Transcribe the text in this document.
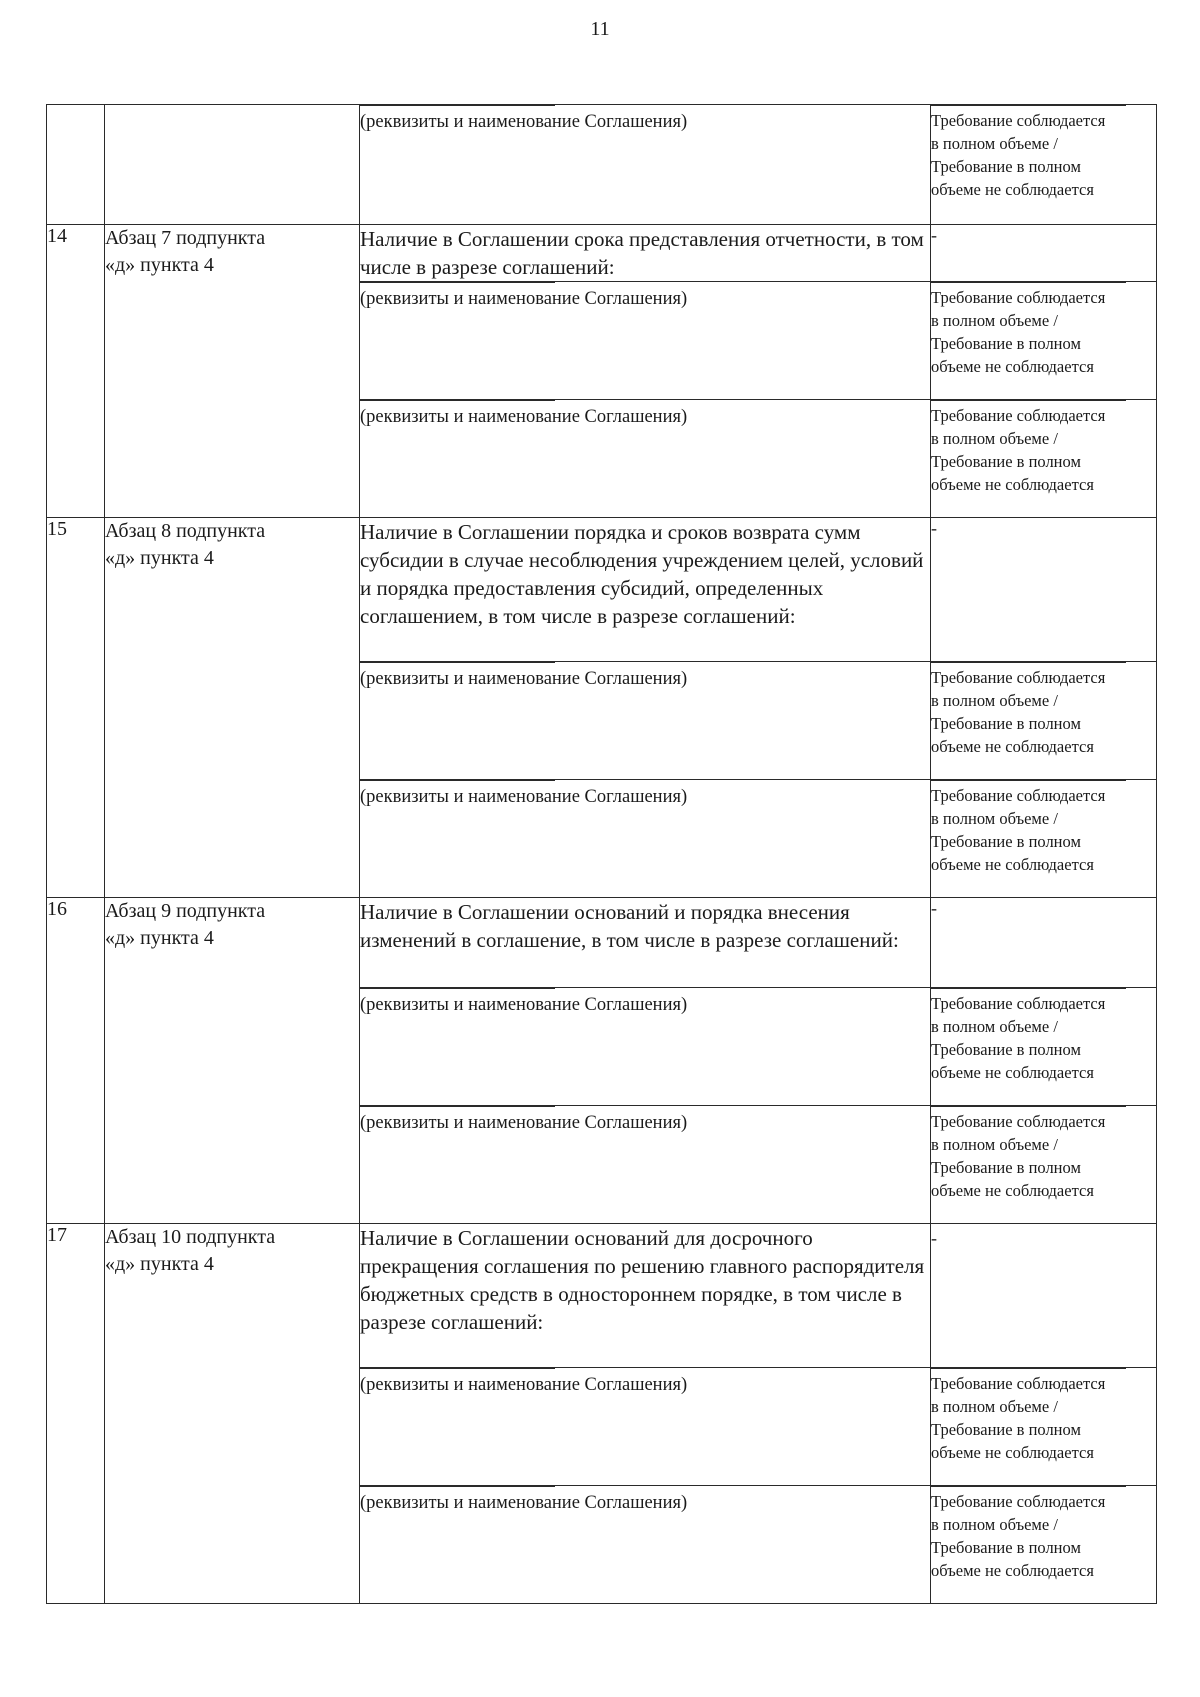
11

(реквизиты и наименование Соглашения)	Требование соблюдается
в полном объеме /
Требование в полном
объеме не соблюдается

14	Абзац 7 подпункта
«д» пункта 4	Наличие в Соглашении срока представления отчетности, в том числе в разрезе соглашений:	-

(реквизиты и наименование Соглашения)	Требование соблюдается
в полном объеме /
Требование в полном
объеме не соблюдается

(реквизиты и наименование Соглашения)	Требование соблюдается
в полном объеме /
Требование в полном
объеме не соблюдается

15	Абзац 8 подпункта
«д» пункта 4	Наличие в Соглашении порядка и сроков возврата сумм субсидии в случае несоблюдения учреждением целей, условий и порядка предоставления субсидий, определенных соглашением, в том числе в разрезе соглашений:	-

(реквизиты и наименование Соглашения)	Требование соблюдается
в полном объеме /
Требование в полном
объеме не соблюдается

(реквизиты и наименование Соглашения)	Требование соблюдается
в полном объеме /
Требование в полном
объеме не соблюдается

16	Абзац 9 подпункта
«д» пункта 4	Наличие в Соглашении оснований и порядка внесения изменений в соглашение, в том числе в разрезе соглашений:	-

(реквизиты и наименование Соглашения)	Требование соблюдается
в полном объеме /
Требование в полном
объеме не соблюдается

(реквизиты и наименование Соглашения)	Требование соблюдается
в полном объеме /
Требование в полном
объеме не соблюдается

17	Абзац 10 подпункта
«д» пункта 4	Наличие в Соглашении оснований для досрочного прекращения соглашения по решению главного распорядителя бюджетных средств в одностороннем порядке, в том числе в разрезе соглашений:	-

(реквизиты и наименование Соглашения)	Требование соблюдается
в полном объеме /
Требование в полном
объеме не соблюдается

(реквизиты и наименование Соглашения)	Требование соблюдается
в полном объеме /
Требование в полном
объеме не соблюдается
